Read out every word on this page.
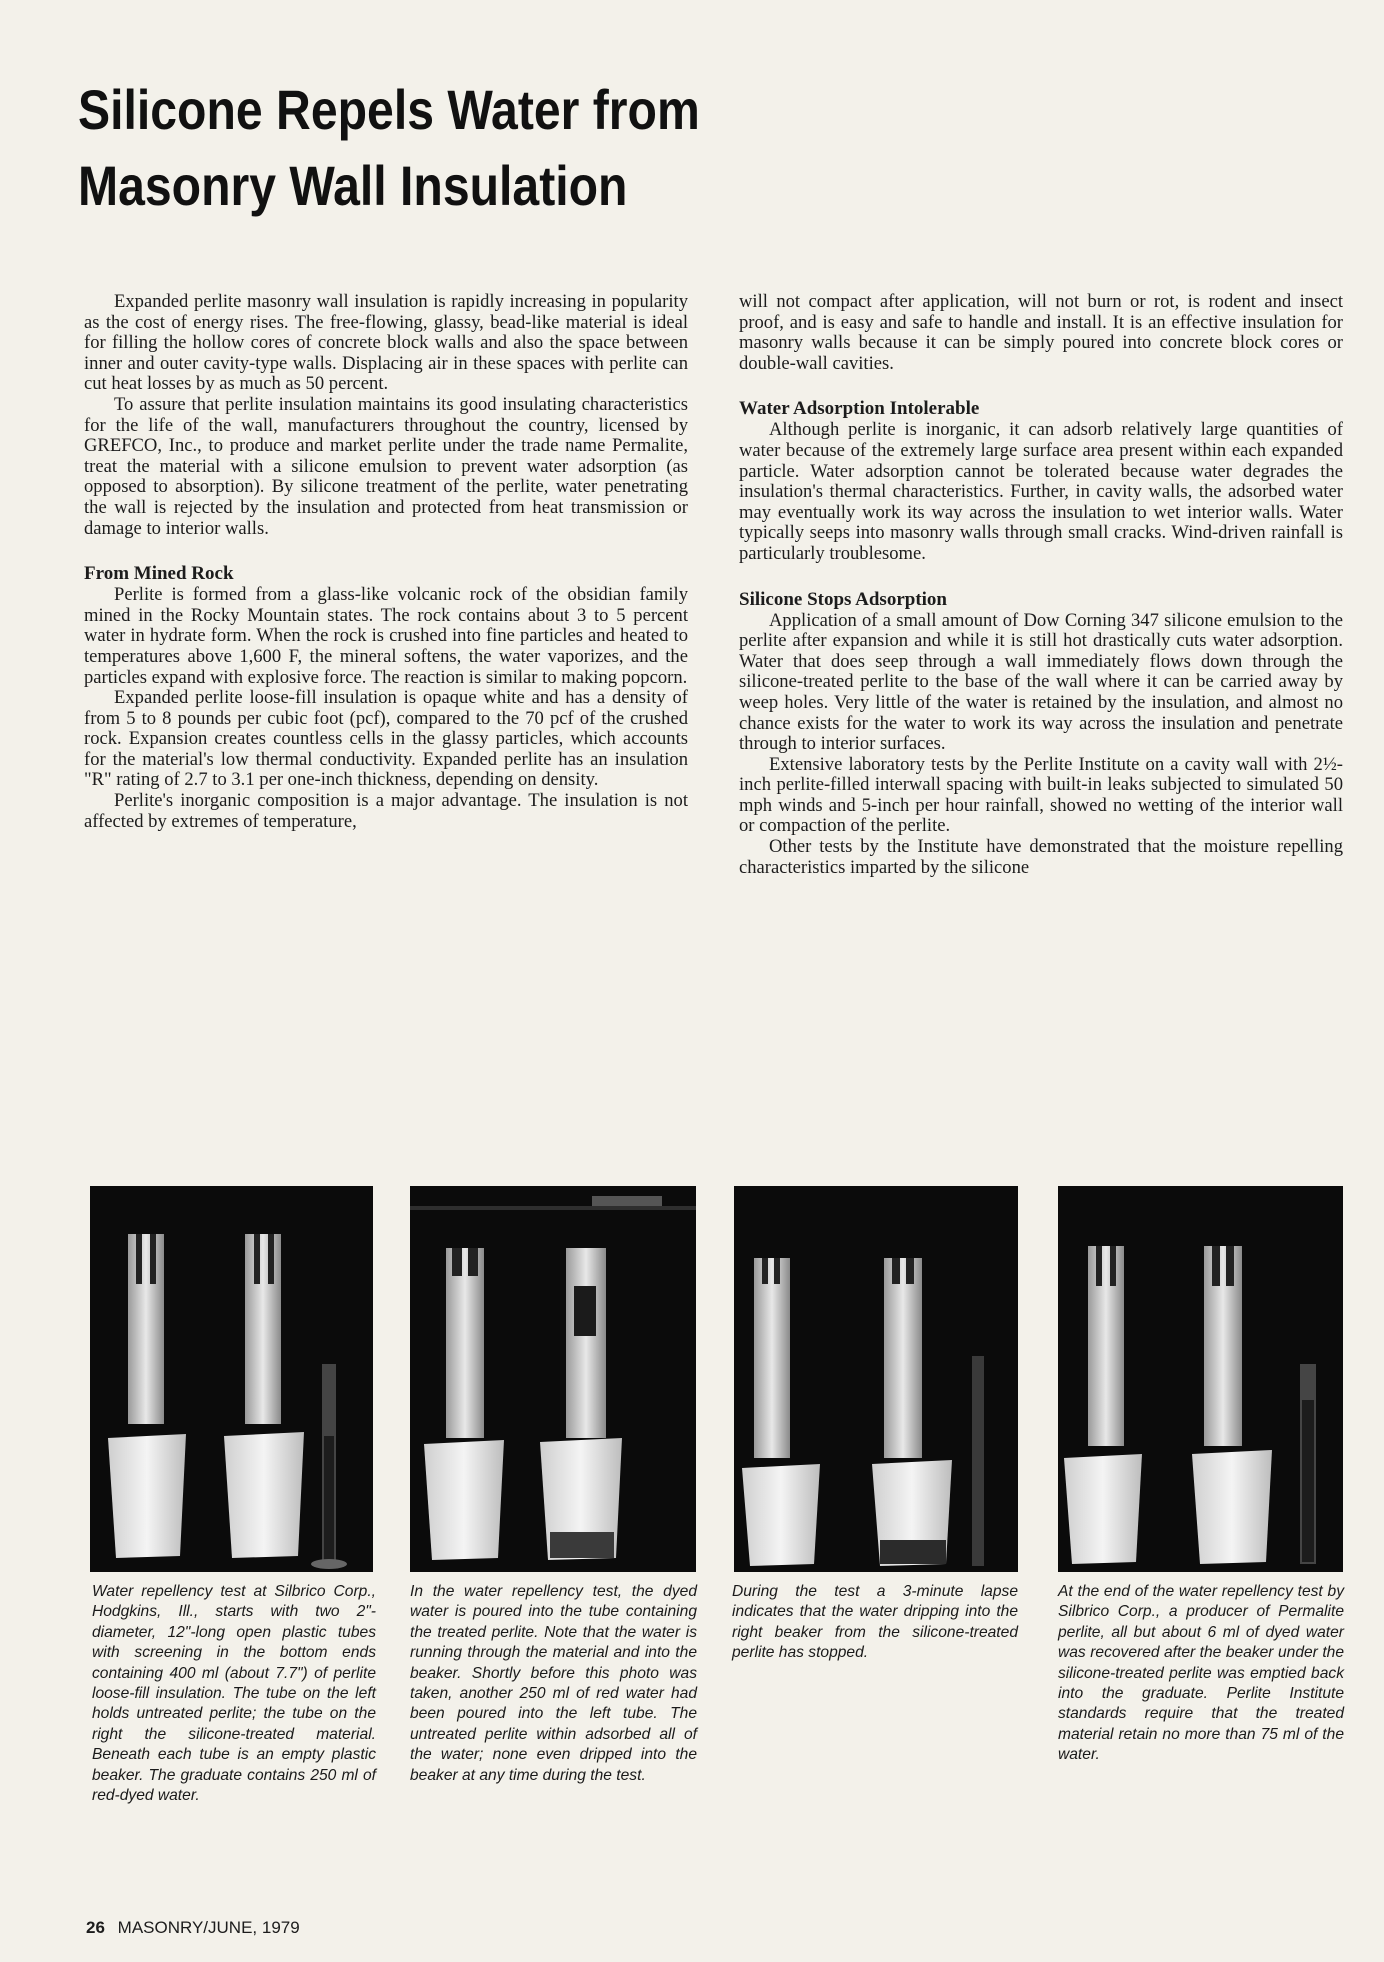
Silicone Repels Water from
Masonry Wall Insulation

Expanded perlite masonry wall insulation is rapidly increasing in popularity as the cost of energy rises. The free-flowing, glassy, bead-like material is ideal for filling the hollow cores of concrete block walls and also the space between inner and outer cavity-type walls. Displacing air in these spaces with perlite can cut heat losses by as much as 50 percent.

To assure that perlite insulation maintains its good insulating characteristics for the life of the wall, manufacturers throughout the country, licensed by GREFCO, Inc., to produce and market perlite under the trade name Permalite, treat the material with a silicone emulsion to prevent water adsorption (as opposed to absorption). By silicone treatment of the perlite, water penetrating the wall is rejected by the insulation and protected from heat transmission or damage to interior walls.

From Mined Rock

Perlite is formed from a glass-like volcanic rock of the obsidian family mined in the Rocky Mountain states. The rock contains about 3 to 5 percent water in hydrate form. When the rock is crushed into fine particles and heated to temperatures above 1,600 F, the mineral softens, the water vaporizes, and the particles expand with explosive force. The reaction is similar to making popcorn.

Expanded perlite loose-fill insulation is opaque white and has a density of from 5 to 8 pounds per cubic foot (pcf), compared to the 70 pcf of the crushed rock. Expansion creates countless cells in the glassy particles, which accounts for the material's low thermal conductivity. Expanded perlite has an insulation "R" rating of 2.7 to 3.1 per one-inch thickness, depending on density.

Perlite's inorganic composition is a major advantage. The insulation is not affected by extremes of temperature,

will not compact after application, will not burn or rot, is rodent and insect proof, and is easy and safe to handle and install. It is an effective insulation for masonry walls because it can be simply poured into concrete block cores or double-wall cavities.

Water Adsorption Intolerable

Although perlite is inorganic, it can adsorb relatively large quantities of water because of the extremely large surface area present within each expanded particle. Water adsorption cannot be tolerated because water degrades the insulation's thermal characteristics. Further, in cavity walls, the adsorbed water may eventually work its way across the insulation to wet interior walls. Water typically seeps into masonry walls through small cracks. Wind-driven rainfall is particularly troublesome.

Silicone Stops Adsorption

Application of a small amount of Dow Corning 347 silicone emulsion to the perlite after expansion and while it is still hot drastically cuts water adsorption. Water that does seep through a wall immediately flows down through the silicone-treated perlite to the base of the wall where it can be carried away by weep holes. Very little of the water is retained by the insulation, and almost no chance exists for the water to work its way across the insulation and penetrate through to interior surfaces.

Extensive laboratory tests by the Perlite Institute on a cavity wall with 2½-inch perlite-filled interwall spacing with built-in leaks subjected to simulated 50 mph winds and 5-inch per hour rainfall, showed no wetting of the interior wall or compaction of the perlite.

Other tests by the Institute have demonstrated that the moisture repelling characteristics imparted by the silicone

Water repellency test at Silbrico Corp., Hodgkins, Ill., starts with two 2"-diameter, 12"-long open plastic tubes with screening in the bottom ends containing 400 ml (about 7.7") of perlite loose-fill insulation. The tube on the left holds untreated perlite; the tube on the right the silicone-treated material. Beneath each tube is an empty plastic beaker. The graduate contains 250 ml of red-dyed water.
In the water repellency test, the dyed water is poured into the tube containing the treated perlite. Note that the water is running through the material and into the beaker. Shortly before this photo was taken, another 250 ml of red water had been poured into the left tube. The untreated perlite within adsorbed all of the water; none even dripped into the beaker at any time during the test.
During the test a 3-minute lapse indicates that the water dripping into the right beaker from the silicone-treated perlite has stopped.
At the end of the water repellency test by Silbrico Corp., a producer of Permalite perlite, all but about 6 ml of dyed water was recovered after the beaker under the silicone-treated perlite was emptied back into the graduate. Perlite Institute standards require that the treated material retain no more than 75 ml of the water.
26 MASONRY/JUNE, 1979
